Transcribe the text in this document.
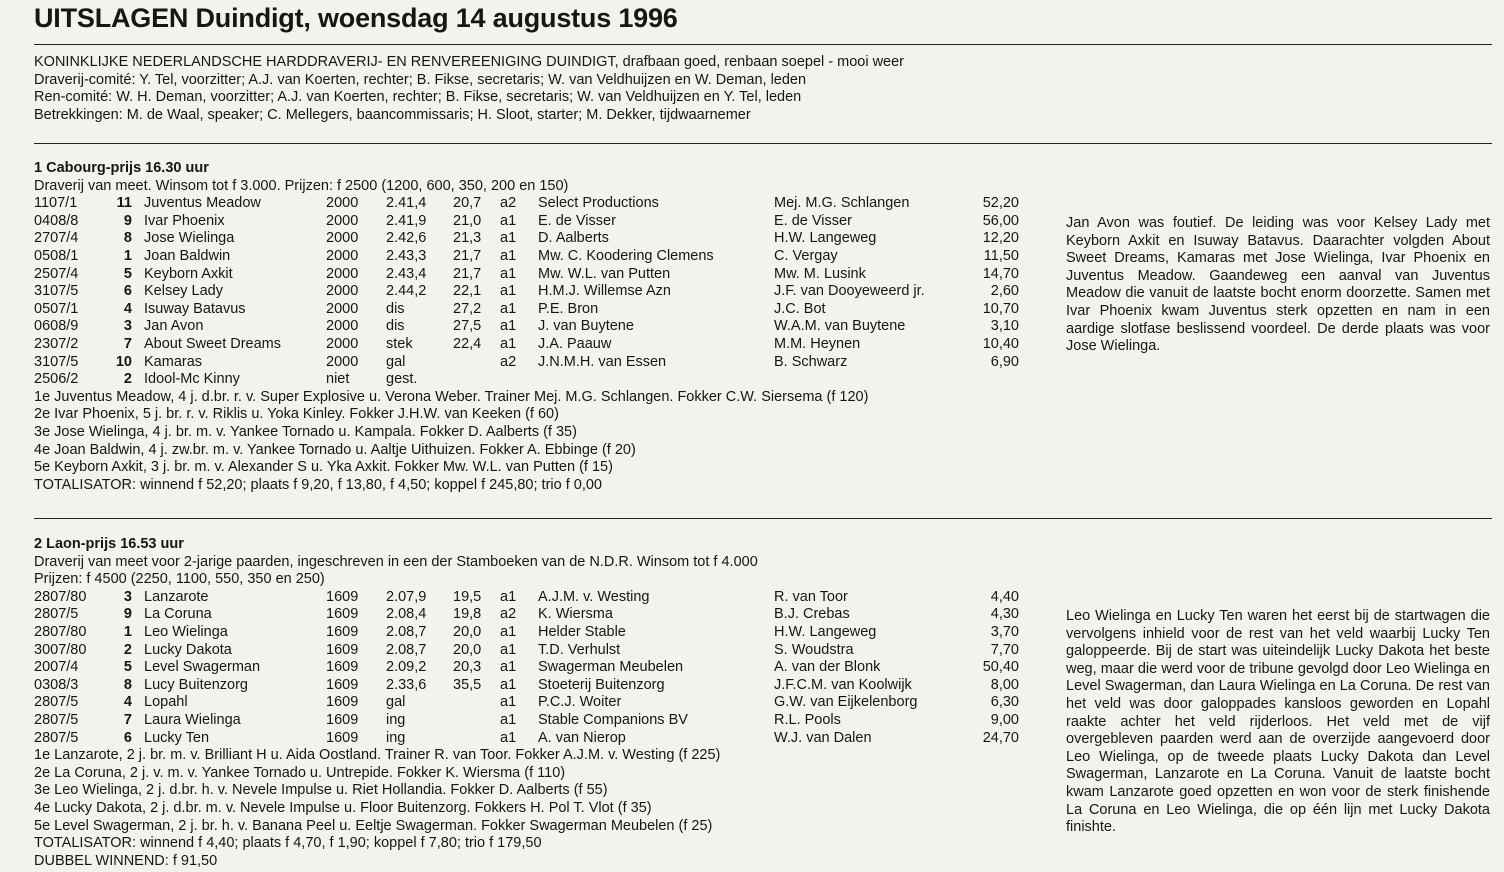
UITSLAGEN Duindigt, woensdag 14 augustus 1996
KONINKLIJKE NEDERLANDSCHE HARDDRAVERIJ- EN RENVEREENIGING DUINDIGT, drafbaan goed, renbaan soepel - mooi weer
Draverij-comité: Y. Tel, voorzitter; A.J. van Koerten, rechter; B. Fikse, secretaris; W. van Veldhuijzen en W. Deman, leden
Ren-comité: W. H. Deman, voorzitter; A.J. van Koerten, rechter; B. Fikse, secretaris; W. van Veldhuijzen en Y. Tel, leden
Betrekkingen: M. de Waal, speaker; C. Mellegers, baancommissaris; H. Sloot, starter; M. Dekker, tijdwaarnemer
1 Cabourg-prijs 16.30 uur
Draverij van meet. Winsom tot f 3.000. Prijzen: f 2500 (1200, 600, 350, 200 en 150)
1107/1	11 Juventus Meadow	2000 2.41,4 20,7 a2 Select Productions	Mej. M.G. Schlangen	52,20
0408/8	9 Ivar Phoenix	2000 2.41,9 21,0 a1 E. de Visser	E. de Visser	56,00
2707/4	8 Jose Wielinga	2000 2.42,6 21,3 a1 D. Aalberts	H.W. Langeweg	12,20
0508/1	1 Joan Baldwin	2000 2.43,3 21,7 a1 Mw. C. Koodering Clemens	C. Vergay	11,50
2507/4	5 Keyborn Axkit	2000 2.43,4 21,7 a1 Mw. W.L. van Putten	Mw. M. Lusink	14,70
3107/5	6 Kelsey Lady	2000 2.44,2 22,1 a1 H.M.J. Willemse Azn	J.F. van Dooyeweerd jr.	2,60
0507/1	4 Isuway Batavus	2000 dis	27,2 a1 P.E. Bron	J.C. Bot	10,70
0608/9	3 Jan Avon	2000 dis	27,5 a1 J. van Buytene	W.A.M. van Buytene	3,10
2307/2	7 About Sweet Dreams	2000 stek	22,4 a1 J.A. Paauw	M.M. Heynen	10,40
3107/5	10 Kamaras	2000 gal	a2 J.N.M.H. van Essen	B. Schwarz	6,90
2506/2	2 Idool-Mc Kinny	niet	gest.
1e Juventus Meadow, 4 j. d.br. r. v. Super Explosive u. Verona Weber. Trainer Mej. M.G. Schlangen. Fokker C.W. Siersema (f 120)
2e Ivar Phoenix, 5 j. br. r. v. Riklis u. Yoka Kinley. Fokker J.H.W. van Keeken (f 60)
3e Jose Wielinga, 4 j. br. m. v. Yankee Tornado u. Kampala. Fokker D. Aalberts (f 35)
4e Joan Baldwin, 4 j. zw.br. m. v. Yankee Tornado u. Aaltje Uithuizen. Fokker A. Ebbinge (f 20)
5e Keyborn Axkit, 3 j. br. m. v. Alexander S u. Yka Axkit. Fokker Mw. W.L. van Putten (f 15)
TOTALISATOR: winnend f 52,20; plaats f 9,20, f 13,80, f 4,50; koppel f 245,80; trio f 0,00
Jan Avon was foutief. De leiding was voor Kelsey Lady met Keyborn Axkit en Isuway Batavus. Daarachter volgden About Sweet Dreams, Kamaras met Jose Wielinga, Ivar Phoenix en Juventus Meadow. Gaandeweg een aanval van Juventus Meadow die vanuit de laatste bocht enorm doorzette. Samen met Ivar Phoenix kwam Juventus sterk opzetten en nam in een aardige slotfase beslissend voordeel. De derde plaats was voor Jose Wielinga.
2 Laon-prijs 16.53 uur
Draverij van meet voor 2-jarige paarden, ingeschreven in een der Stamboeken van de N.D.R. Winsom tot f 4.000
Prijzen: f 4500 (2250, 1100, 550, 350 en 250)
2807/80	3 Lanzarote	1609 2.07,9 19,5 a1 A.J.M. v. Westing	R. van Toor	4,40
2807/5	9 La Coruna	1609 2.08,4 19,8 a2 K. Wiersma	B.J. Crebas	4,30
2807/80	1 Leo Wielinga	1609 2.08,7 20,0 a1 Helder Stable	H.W. Langeweg	3,70
3007/80	2 Lucky Dakota	1609 2.08,7 20,0 a1 T.D. Verhulst	S. Woudstra	7,70
2007/4	5 Level Swagerman	1609 2.09,2 20,3 a1 Swagerman Meubelen	A. van der Blonk	50,40
0308/3	8 Lucy Buitenzorg	1609 2.33,6 35,5 a1 Stoeterij Buitenzorg	J.F.C.M. van Koolwijk	8,00
2807/5	4 Lopahl	1609 gal	a1 P.C.J. Woiter	G.W. van Eijkelenborg	6,30
2807/5	7 Laura Wielinga	1609 ing	a1 Stable Companions BV	R.L. Pools	9,00
2807/5	6 Lucky Ten	1609 ing	a1 A. van Nierop	W.J. van Dalen	24,70
1e Lanzarote, 2 j. br. m. v. Brilliant H u. Aida Oostland. Trainer R. van Toor. Fokker A.J.M. v. Westing (f 225)
2e La Coruna, 2 j. v. m. v. Yankee Tornado u. Untrepide. Fokker K. Wiersma (f 110)
3e Leo Wielinga, 2 j. d.br. h. v. Nevele Impulse u. Riet Hollandia. Fokker D. Aalberts (f 55)
4e Lucky Dakota, 2 j. d.br. m. v. Nevele Impulse u. Floor Buitenzorg. Fokkers H. Pol T. Vlot (f 35)
5e Level Swagerman, 2 j. br. h. v. Banana Peel u. Eeltje Swagerman. Fokker Swagerman Meubelen (f 25)
TOTALISATOR: winnend f 4,40; plaats f 4,70, f 1,90; koppel f 7,80; trio f 179,50
DUBBEL WINNEND: f 91,50
Leo Wielinga en Lucky Ten waren het eerst bij de startwagen die vervolgens inhield voor de rest van het veld waarbij Lucky Ten galoppeerde. Bij de start was uiteindelijk Lucky Dakota het beste weg, maar die werd voor de tribune gevolgd door Leo Wielinga en Level Swagerman, dan Laura Wielinga en La Coruna. De rest van het veld was door galoppades kansloos geworden en Lopahl raakte achter het veld rijderloos. Het veld met de vijf overgebleven paarden werd aan de overzijde aangevoerd door Leo Wielinga, op de tweede plaats Lucky Dakota dan Level Swagerman, Lanzarote en La Coruna. Vanuit de laatste bocht kwam Lanzarote goed opzetten en won voor de sterk finishende La Coruna en Leo Wielinga, die op één lijn met Lucky Dakota finishte.
